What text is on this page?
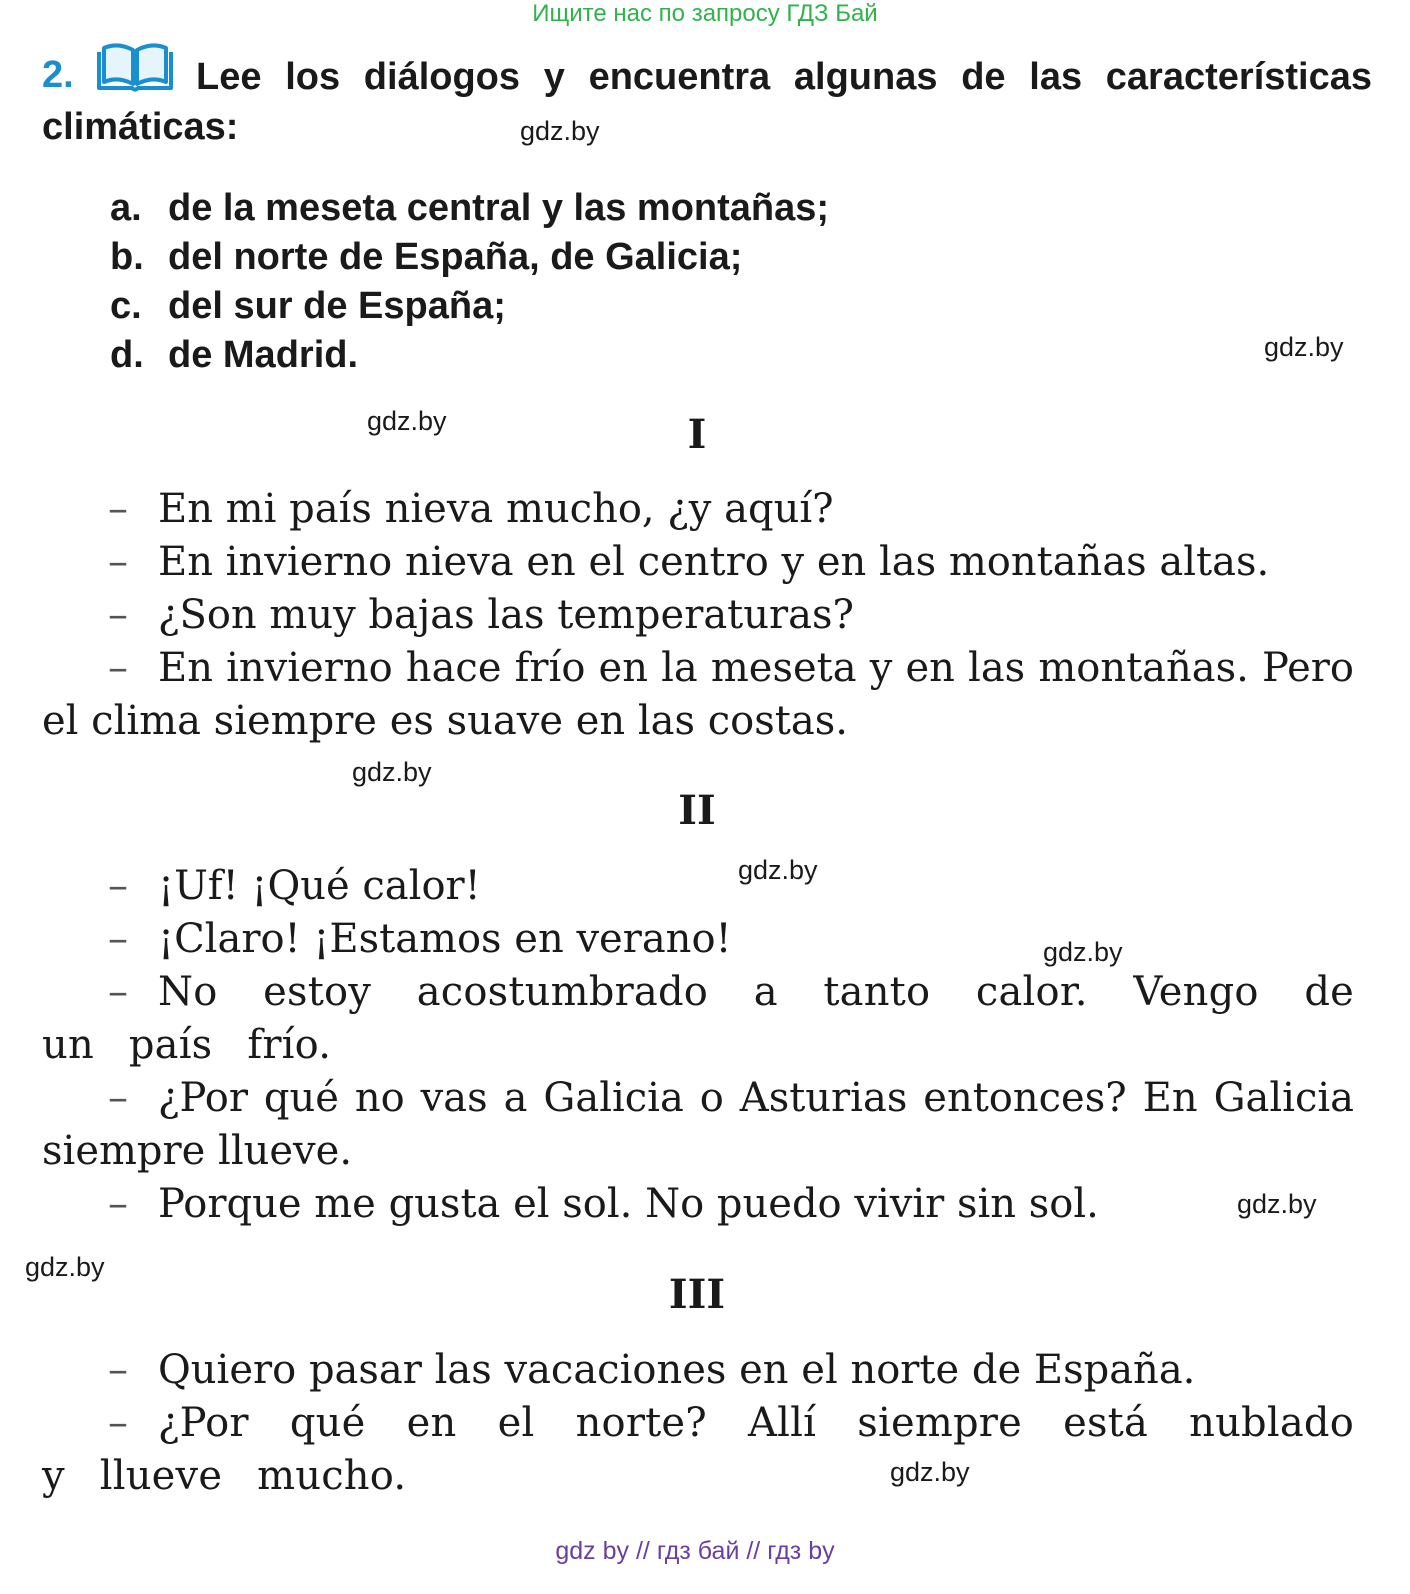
Ищите нас по запросу ГДЗ Бай
2.	Lee los diálogos y encuentra algunas de las características climáticas:
a. de la meseta central y las montañas;
b. del norte de España, de Galicia;
c. del sur de España;
d. de Madrid.
I

– En mi país nieva mucho, ¿y aquí?

– En invierno nieva en el centro y en las montañas altas.

– ¿Son muy bajas las temperaturas?

– En invierno hace frío en la meseta y en las montañas. Pero el clima siempre es suave en las costas.

II

– ¡Uf! ¡Qué calor!

– ¡Claro! ¡Estamos en verano!

– No estoy acostumbrado a tanto calor. Vengo de un país frío.

– ¿Por qué no vas a Galicia o Asturias entonces? En Galicia siempre llueve.

– Porque me gusta el sol. No puedo vivir sin sol.

III

– Quiero pasar las vacaciones en el norte de España.

– ¿Por qué en el norte? Allí siempre está nublado y llueve mucho.

gdz.by
gdz.by
gdz.by
gdz.by
gdz.by
gdz.by
gdz.by
gdz.by
gdz.by
gdz by // гдз бай // гдз by
